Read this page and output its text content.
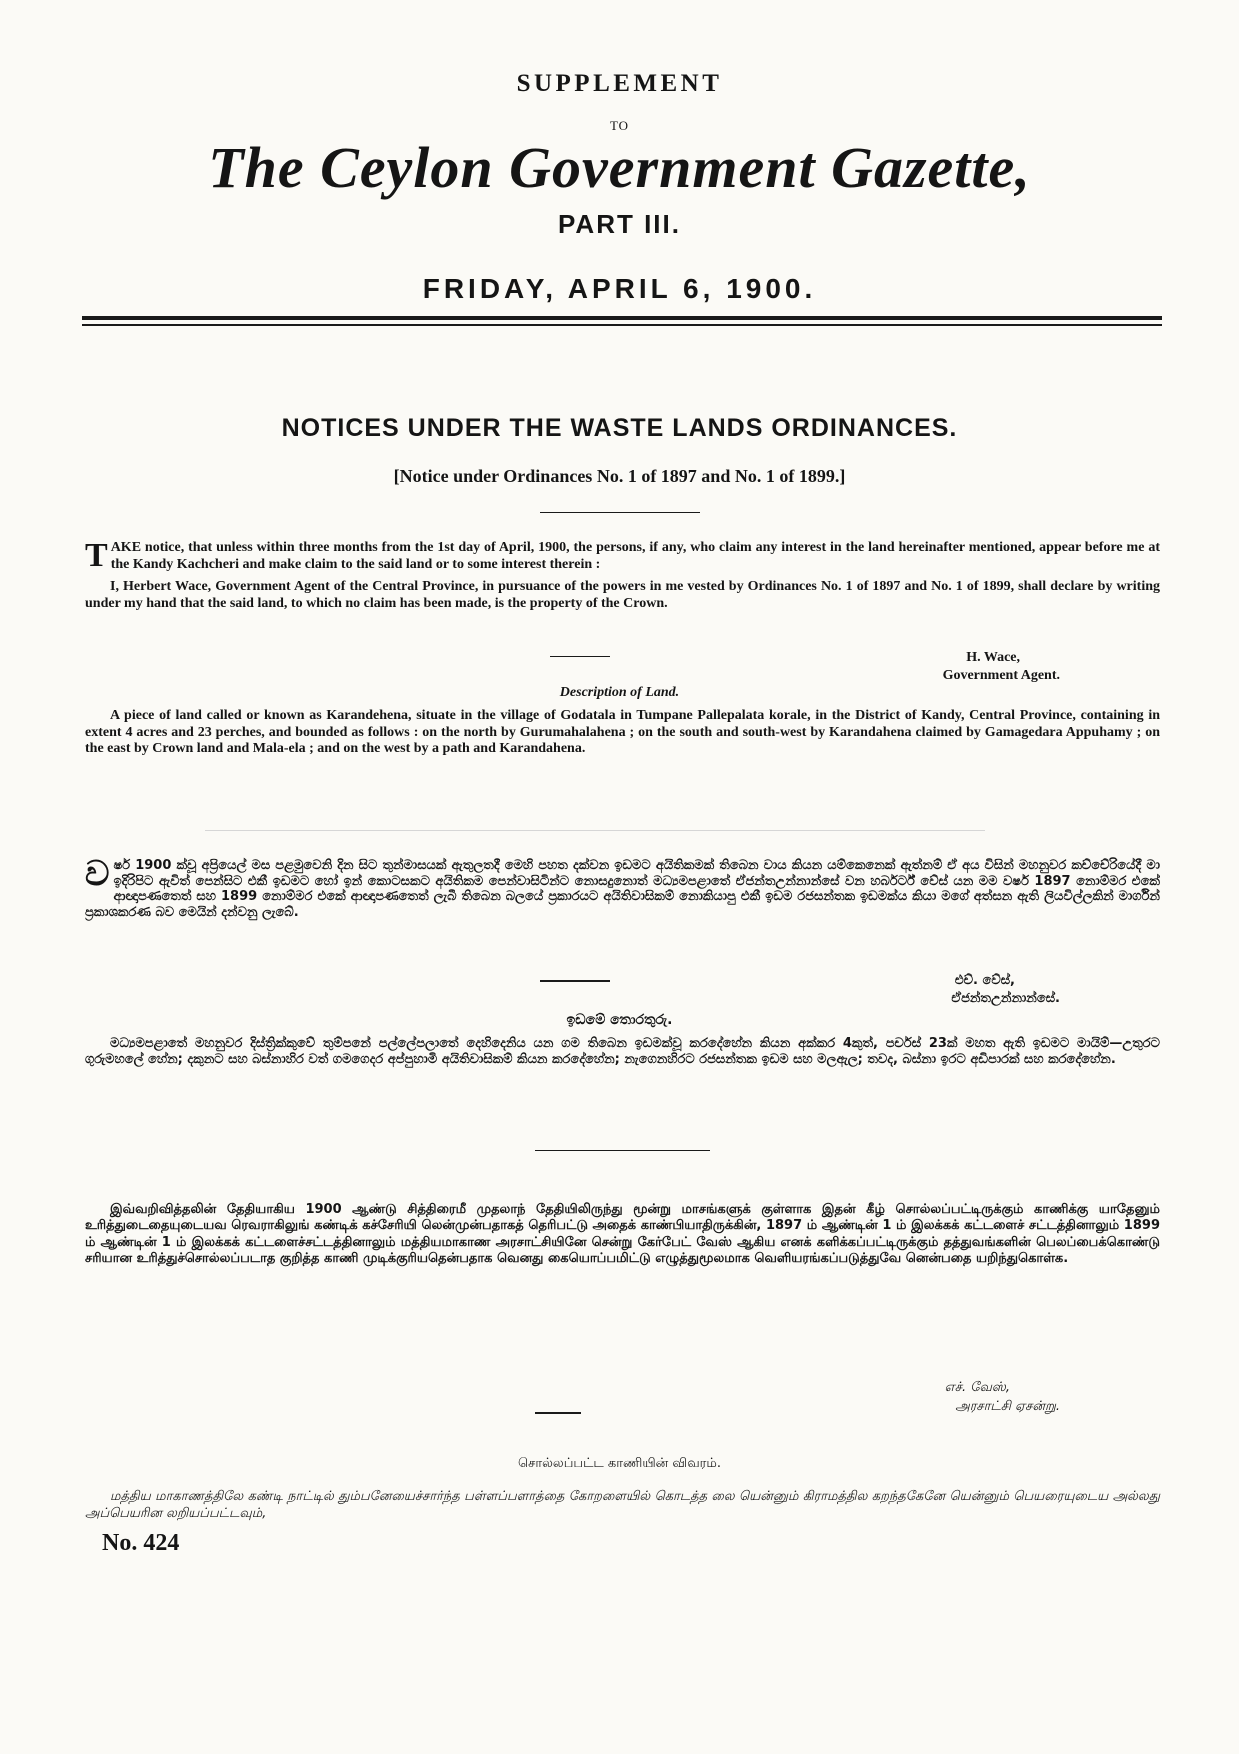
SUPPLEMENT
TO
The Ceylon Government Gazette,
PART III.
FRIDAY, APRIL 6, 1900.
NOTICES UNDER THE WASTE LANDS ORDINANCES.
[Notice under Ordinances No. 1 of 1897 and No. 1 of 1899.]

TAKE notice, that unless within three months from the 1st day of April, 1900, the persons, if any, who claim any interest in the land hereinafter mentioned, appear before me at the Kandy Kachcheri and make claim to the said land or to some interest therein :

I, Herbert Wace, Government Agent of the Central Province, in pursuance of the powers in me vested by Ordinances No. 1 of 1897 and No. 1 of 1899, shall declare by writing under my hand that the said land, to which no claim has been made, is the property of the Crown.

H. Wace,
Government Agent.
Description of Land.
A piece of land called or known as Karandehena, situate in the village of Godatala in Tumpane Pallepalata korale, in the District of Kandy, Central Province, containing in extent 4 acres and 23 perches, and bounded as follows : on the north by Gurumahalahena ; on the south and south-west by Karandahena claimed by Gamagedara Appuhamy ; on the east by Crown land and Mala-ela ; and on the west by a path and Karandahena.
වර්ෂ 1900 ක්වූ අප්‍රියෙල් මස පළමුවෙනි දින සිට තුන්මාසයක් ඇතුලතදී මෙහි පහත දක්වන ඉඩමට අයිතිකමක් තිබෙන වාය කියන යම්කෙනෙක් ඇත්නම් ඒ අය විසින් මහනුවර කච්චේරියේදී මා ඉදිරිපිට ඇවිත් පෙන්සිට එකී ඉඩමට හෝ ඉන් කොටසකට අයිතිකම පෙන්වාසිටින්ට නොසදුනොත් මධ්‍යමපළාතේ ඒජන්තඋන්නාන්සේ වන හර්බර්ට් වේස් යන මම වර්ෂ 1897 නොම්මර එකේ ආඥාපණතෙත් සහ 1899 නොම්මර එකේ ආඥාපණතෙත් ලැබී තිබෙන බලයේ ප්‍රකාරයට අයිතිවාසිකම් නොකියාපු එකී ඉඩම රජසන්තක ඉඩමක්ය කියා මගේ අත්සන ඇති ලියවිල්ලකින් මාර්ගින් ප්‍රකාශකරණ බව මෙයින් දන්වනු ලැබේ.
එච්. වේස්,
ඒජන්තඋන්නාන්සේ.
ඉඩමේ තොරතුරු.
මධ්‍යමපළාතේ මහනුවර දිස්ත්‍රික්කුවේ තුම්පනේ පල්ලේපලාතේ දෙහිදෙනිය යන ගම තිබෙන ඉඩමක්වූ කරදේහේන කියන අක්කර 4කුත්, පර්චස් 23ක් මහත ඇති ඉඩමට මායිම්—උතුරට ගුරුමහලේ හේන; දකුනට සහ බස්නාහිර වත් ගමගෙදර අප්පුහාමි අයිතිවාසිකම් කියන කරදේහේන; නැගෙනහිරට රජසන්තක ඉඩම සහ මලඇල; තවද, බස්නා ඉරට අඩිපාරක් සහ කරදේහේන.
இவ்வறிவித்தலின் தேதியாகிய 1900 ஆண்டு சித்திரைமீ முதலாந் தேதியிலிருந்து மூன்று மாசங்களுக் குள்ளாக இதன் கீழ் சொல்லப்பட்டிருக்கும் காணிக்கு யாதேனும் உரித்துடைதையுடையவ ரெவராகிலுங் கண்டிக் கச்சேரியி லென்முன்பதாகத் தெரிபட்டு அதைக் காண்பியாதிருக்கின், 1897 ம் ஆண்டின் 1 ம் இலக்கக் கட்டளைச் சட்டத்தினாலும் 1899 ம் ஆண்டின் 1 ம் இலக்கக் கட்டளைச்சட்டத்தினாலும் மத்தியமாகாண அரசாட்சியினே சென்று கேர்பேட் வேஸ் ஆகிய எனக் களிக்கப்பட்டிருக்கும் தத்துவங்களின் பெலப்பைக்கொண்டு சரியான உரித்துச்சொல்லப்படாத குறித்த காணி முடிக்குரியதென்பதாக வெனது கையொப்பமிட்டு எழுத்துமூலமாக வெளியரங்கப்படுத்துவே னென்பதை யறிந்துகொள்க.
எச். வேஸ்,
அரசாட்சி ஏசன்று.
சொல்லப்பட்ட காணியின் விவரம்.
மத்திய மாகாணத்திலே கண்டி நாட்டில் தும்பனேயைச்சார்ந்த பள்ளப்பளாத்தை கோறளையில் கொடத்த லை யென்னும் கிராமத்தில கறந்தகேனே யென்னும் பெயரையுடைய அல்லது அப்பெயரின லறியப்பட்டவும்,
No. 424
